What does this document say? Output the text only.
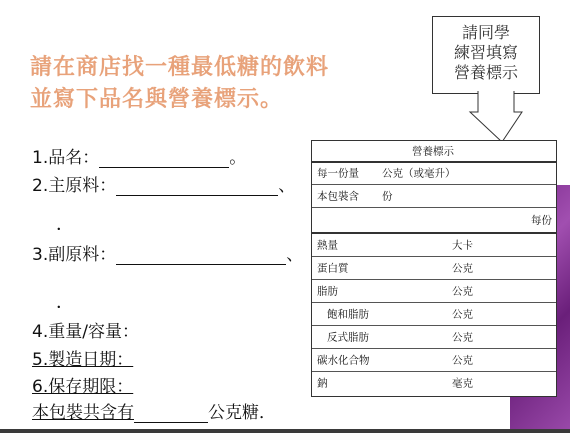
請在商店找一種最低糖的飲料
並寫下品名與營養標示。
請同學
練習填寫
營養標示
1.品名：	。
2.主原料：	、
．
3.副原料：	、
．
4.重量/容量：
5.製造日期：
6.保存期限：
本包裝共含有	公克糖．
營養標示
每一份量 公克（或毫升）
本包裝含 份
每份
熱量	大卡
蛋白質	公克
脂肪	公克
飽和脂肪	公克
反式脂肪	公克
碳水化合物	公克
鈉	毫克
